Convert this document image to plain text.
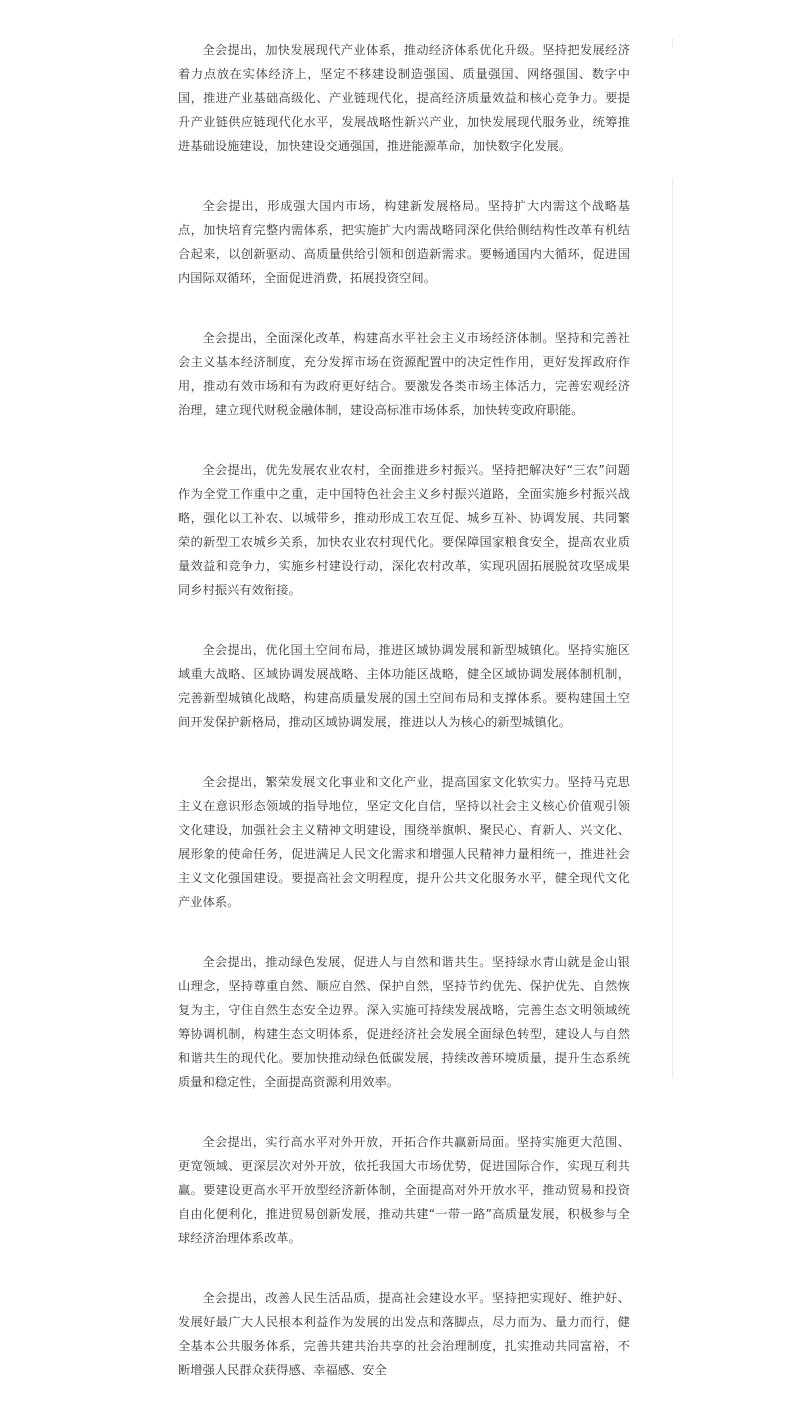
全会提出，加快发展现代产业体系，推动经济体系优化升级。坚持把发展经济着力点放在实体经济上，坚定不移建设制造强国、质量强国、网络强国、数字中国，推进产业基础高级化、产业链现代化，提高经济质量效益和核心竞争力。要提升产业链供应链现代化水平，发展战略性新兴产业，加快发展现代服务业，统筹推进基础设施建设，加快建设交通强国，推进能源革命，加快数字化发展。

全会提出，形成强大国内市场，构建新发展格局。坚持扩大内需这个战略基点，加快培育完整内需体系，把实施扩大内需战略同深化供给侧结构性改革有机结合起来，以创新驱动、高质量供给引领和创造新需求。要畅通国内大循环，促进国内国际双循环，全面促进消费，拓展投资空间。

全会提出，全面深化改革，构建高水平社会主义市场经济体制。坚持和完善社会主义基本经济制度，充分发挥市场在资源配置中的决定性作用，更好发挥政府作用，推动有效市场和有为政府更好结合。要激发各类市场主体活力，完善宏观经济治理，建立现代财税金融体制，建设高标准市场体系，加快转变政府职能。

全会提出，优先发展农业农村，全面推进乡村振兴。坚持把解决好“三农”问题作为全党工作重中之重，走中国特色社会主义乡村振兴道路，全面实施乡村振兴战略，强化以工补农、以城带乡，推动形成工农互促、城乡互补、协调发展、共同繁荣的新型工农城乡关系，加快农业农村现代化。要保障国家粮食安全，提高农业质量效益和竞争力，实施乡村建设行动，深化农村改革，实现巩固拓展脱贫攻坚成果同乡村振兴有效衔接。

全会提出，优化国土空间布局，推进区域协调发展和新型城镇化。坚持实施区域重大战略、区域协调发展战略、主体功能区战略，健全区域协调发展体制机制，完善新型城镇化战略，构建高质量发展的国土空间布局和支撑体系。要构建国土空间开发保护新格局，推动区域协调发展，推进以人为核心的新型城镇化。

全会提出，繁荣发展文化事业和文化产业，提高国家文化软实力。坚持马克思主义在意识形态领域的指导地位，坚定文化自信，坚持以社会主义核心价值观引领文化建设，加强社会主义精神文明建设，围绕举旗帜、聚民心、育新人、兴文化、展形象的使命任务，促进满足人民文化需求和增强人民精神力量相统一，推进社会主义文化强国建设。要提高社会文明程度，提升公共文化服务水平，健全现代文化产业体系。

全会提出，推动绿色发展，促进人与自然和谐共生。坚持绿水青山就是金山银山理念，坚持尊重自然、顺应自然、保护自然，坚持节约优先、保护优先、自然恢复为主，守住自然生态安全边界。深入实施可持续发展战略，完善生态文明领域统筹协调机制，构建生态文明体系，促进经济社会发展全面绿色转型，建设人与自然和谐共生的现代化。要加快推动绿色低碳发展，持续改善环境质量，提升生态系统质量和稳定性，全面提高资源利用效率。

全会提出，实行高水平对外开放，开拓合作共赢新局面。坚持实施更大范围、更宽领域、更深层次对外开放，依托我国大市场优势，促进国际合作，实现互利共赢。要建设更高水平开放型经济新体制，全面提高对外开放水平，推动贸易和投资自由化便利化，推进贸易创新发展，推动共建“一带一路”高质量发展，积极参与全球经济治理体系改革。

全会提出，改善人民生活品质，提高社会建设水平。坚持把实现好、维护好、发展好最广大人民根本利益作为发展的出发点和落脚点，尽力而为、量力而行，健全基本公共服务体系，完善共建共治共享的社会治理制度，扎实推动共同富裕，不断增强人民群众获得感、幸福感、安全
